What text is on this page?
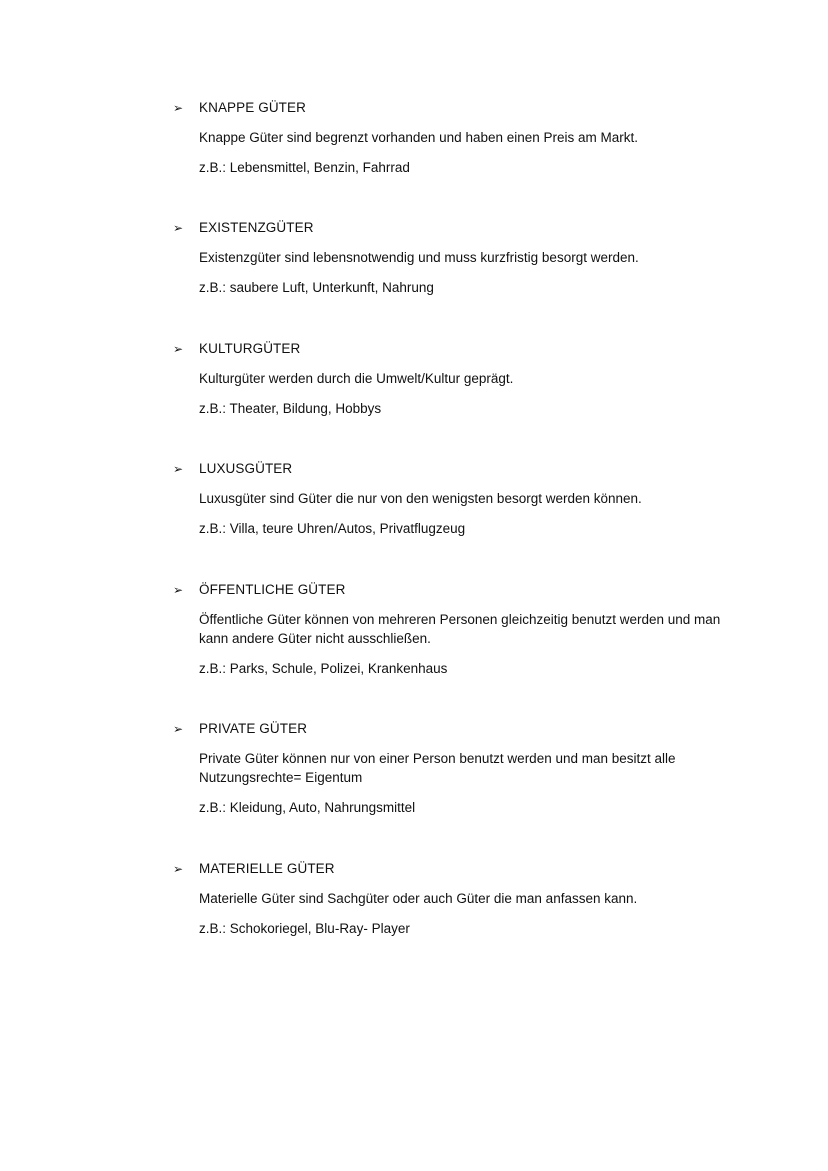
➢ KNAPPE GÜTER
Knappe Güter sind begrenzt vorhanden und haben einen Preis am Markt.
z.B.: Lebensmittel, Benzin, Fahrrad
➢ EXISTENZGÜTER
Existenzgüter sind lebensnotwendig und muss kurzfristig besorgt werden.
z.B.: saubere Luft, Unterkunft, Nahrung
➢ KULTURGÜTER
Kulturgüter werden durch die Umwelt/Kultur geprägt.
z.B.: Theater, Bildung, Hobbys
➢ LUXUSGÜTER
Luxusgüter sind Güter die nur von den wenigsten besorgt werden können.
z.B.: Villa, teure Uhren/Autos, Privatflugzeug
➢ ÖFFENTLICHE GÜTER
Öffentliche Güter können von mehreren Personen gleichzeitig benutzt werden und man kann andere Güter nicht ausschließen.
z.B.: Parks, Schule, Polizei, Krankenhaus
➢ PRIVATE GÜTER
Private Güter können nur von einer Person benutzt werden und man besitzt alle Nutzungsrechte= Eigentum
z.B.: Kleidung, Auto, Nahrungsmittel
➢ MATERIELLE GÜTER
Materielle Güter sind Sachgüter oder auch Güter die man anfassen kann.
z.B.: Schokoriegel, Blu-Ray- Player
